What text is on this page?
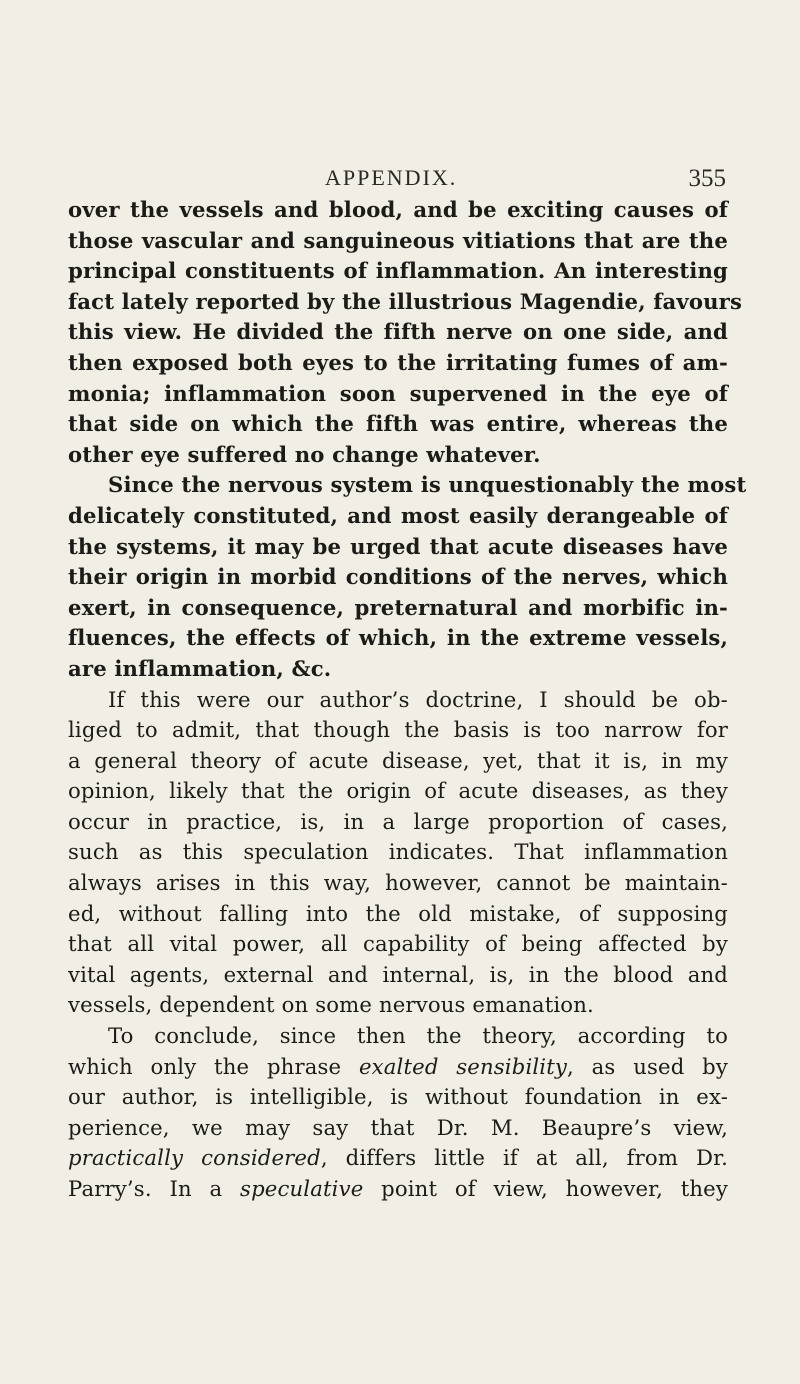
APPENDIX.	355
over the vessels and blood, and be exciting causes of
those vascular and sanguineous vitiations that are the
principal constituents of inflammation. An interesting
fact lately reported by the illustrious Magendie, favours
this view. He divided the fifth nerve on one side, and
then exposed both eyes to the irritating fumes of am-
monia; inflammation soon supervened in the eye of
that side on which the fifth was entire, whereas the
other eye suffered no change whatever.
Since the nervous system is unquestionably the most
delicately constituted, and most easily derangeable of
the systems, it may be urged that acute diseases have
their origin in morbid conditions of the nerves, which
exert, in consequence, preternatural and morbific in-
fluences, the effects of which, in the extreme vessels,
are inflammation, &c.
If this were our author’s doctrine, I should be ob-
liged to admit, that though the basis is too narrow for
a general theory of acute disease, yet, that it is, in my
opinion, likely that the origin of acute diseases, as they
occur in practice, is, in a large proportion of cases,
such as this speculation indicates. That inflammation
always arises in this way, however, cannot be maintain-
ed, without falling into the old mistake, of supposing
that all vital power, all capability of being affected by
vital agents, external and internal, is, in the blood and
vessels, dependent on some nervous emanation.
To conclude, since then the theory, according to
which only the phrase exalted sensibility, as used by
our author, is intelligible, is without foundation in ex-
perience, we may say that Dr. M. Beaupre’s view,
practically considered, differs little if at all, from Dr.
Parry’s. In a speculative point of view, however, they
